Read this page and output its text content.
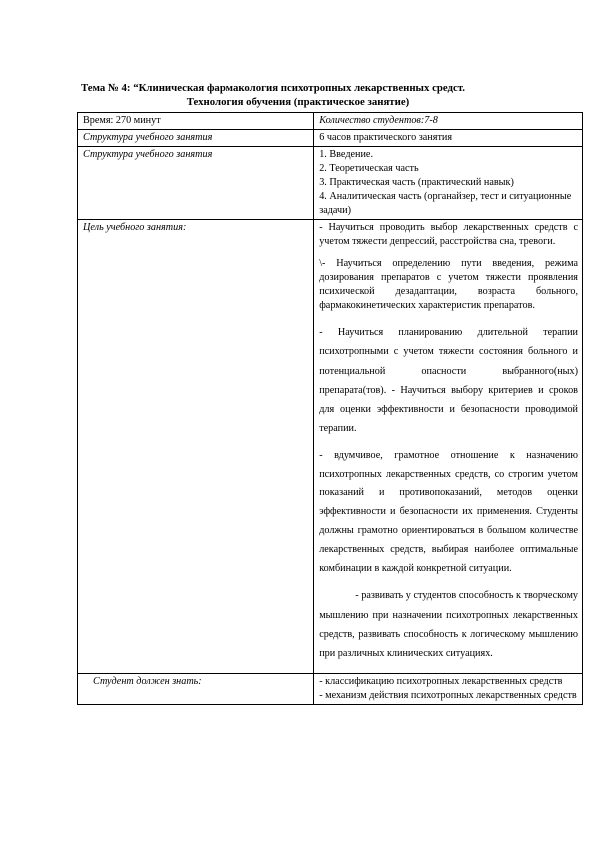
Тема № 4: “Клиническая фармакология психотропных лекарственных средст.
Технология обучения (практическое занятие)
Время: 270 минут	Количество студентов:7-8
Структура учебного занятия	6 часов практического занятия
Структура учебного занятия	1. Введение.
2. Теоретическая часть
3. Практическая часть (практический навык)
4. Аналитическая часть (органайзер, тест и ситуационные задачи)

Цель учебного занятия:	- Научиться проводить выбор лекарственных средств с учетом тяжести депрессий, расстройства сна, тревоги.
\- Научиться определению пути введения, режима дозирования препаратов с учетом тяжести проявления психической дезадаптации, возраста больного, фармакокинетических характеристик препаратов.
- Научиться планированию длительной терапии психотропными с учетом тяжести состояния больного и потенциальной опасности выбранного(ных) препарата(тов). - Научиться выбору критериев и сроков для оценки эффективности и безопасности проводимой терапии.
- вдумчивое, грамотное отношение к назначению психотропных лекарственных средств, со строгим учетом показаний и противопоказаний, методов оценки эффективности и безопасности их применения. Студенты должны грамотно ориентироваться в большом количестве лекарственных средств, выбирая наиболее оптимальные комбинации в каждой конкретной ситуации.
- развивать у студентов способность к творческому мышлению при назначении психотропных лекарственных средств, развивать способность к логическому мышлению при различных клинических ситуациях.

Студент должен знать:	- классификацию психотропных лекарственных средств
- механизм действия психотропных лекарственных средств
